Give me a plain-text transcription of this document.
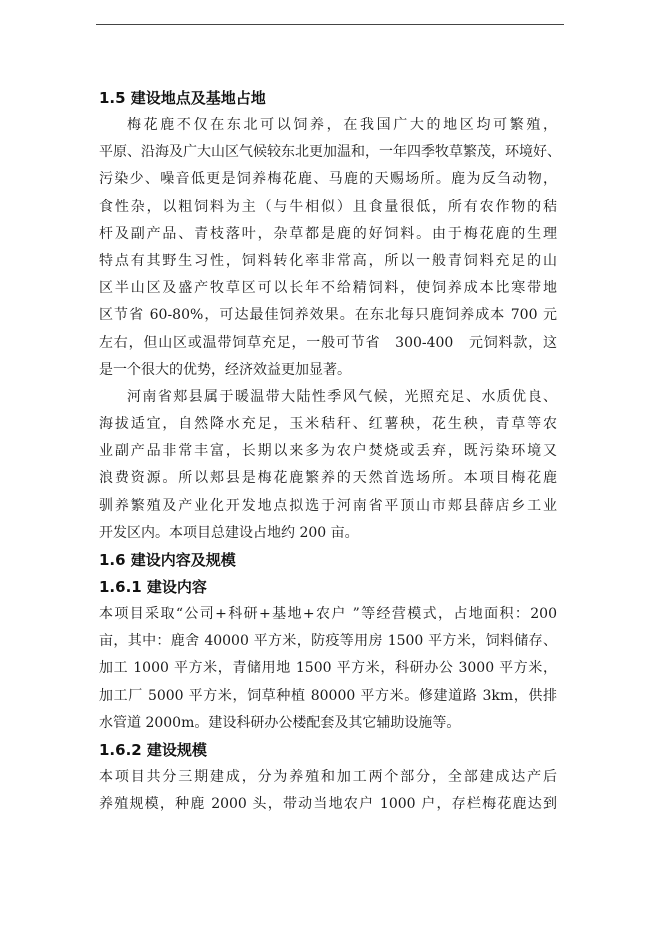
1.5 建设地点及基地占地
梅花鹿不仅在东北可以饲养，在我国广大的地区均可繁殖，
平原、沿海及广大山区气候较东北更加温和，一年四季牧草繁茂，环境好、
污染少、噪音低更是饲养梅花鹿、马鹿的天赐场所。鹿为反刍动物，
食性杂，以粗饲料为主（与牛相似）且食量很低，所有农作物的秸
杆及副产品、青枝落叶，杂草都是鹿的好饲料。由于梅花鹿的生理
特点有其野生习性，饲料转化率非常高，所以一般青饲料充足的山
区半山区及盛产牧草区可以长年不给精饲料，使饲养成本比寒带地
区节省 60-80%，可达最佳饲养效果。在东北每只鹿饲养成本 700 元
左右，但山区或温带饲草充足，一般可节省　300-400　元饲料款，这
是一个很大的优势，经济效益更加显著。
河南省郏县属于暖温带大陆性季风气候，光照充足、水质优良、
海拔适宜，自然降水充足，玉米秸秆、红薯秧，花生秧，青草等农
业副产品非常丰富，长期以来多为农户焚烧或丢弃，既污染环境又
浪费资源。所以郏县是梅花鹿繁养的天然首选场所。本项目梅花鹿
驯养繁殖及产业化开发地点拟选于河南省平顶山市郏县薛店乡工业
开发区内。本项目总建设占地约 200 亩。
1.6 建设内容及规模
1.6.1 建设内容
本项目采取“公司+科研+基地+农户 ”等经营模式，占地面积：200
亩，其中：鹿舍 40000 平方米，防疫等用房 1500 平方米，饲料储存、
加工 1000 平方米，青储用地 1500 平方米，科研办公 3000 平方米，
加工厂 5000 平方米，饲草种植 80000 平方米。修建道路 3km，供排
水管道 2000m。建设科研办公楼配套及其它辅助设施等。
1.6.2 建设规模
本项目共分三期建成，分为养殖和加工两个部分，全部建成达产后
养殖规模，种鹿 2000 头，带动当地农户 1000 户，存栏梅花鹿达到
